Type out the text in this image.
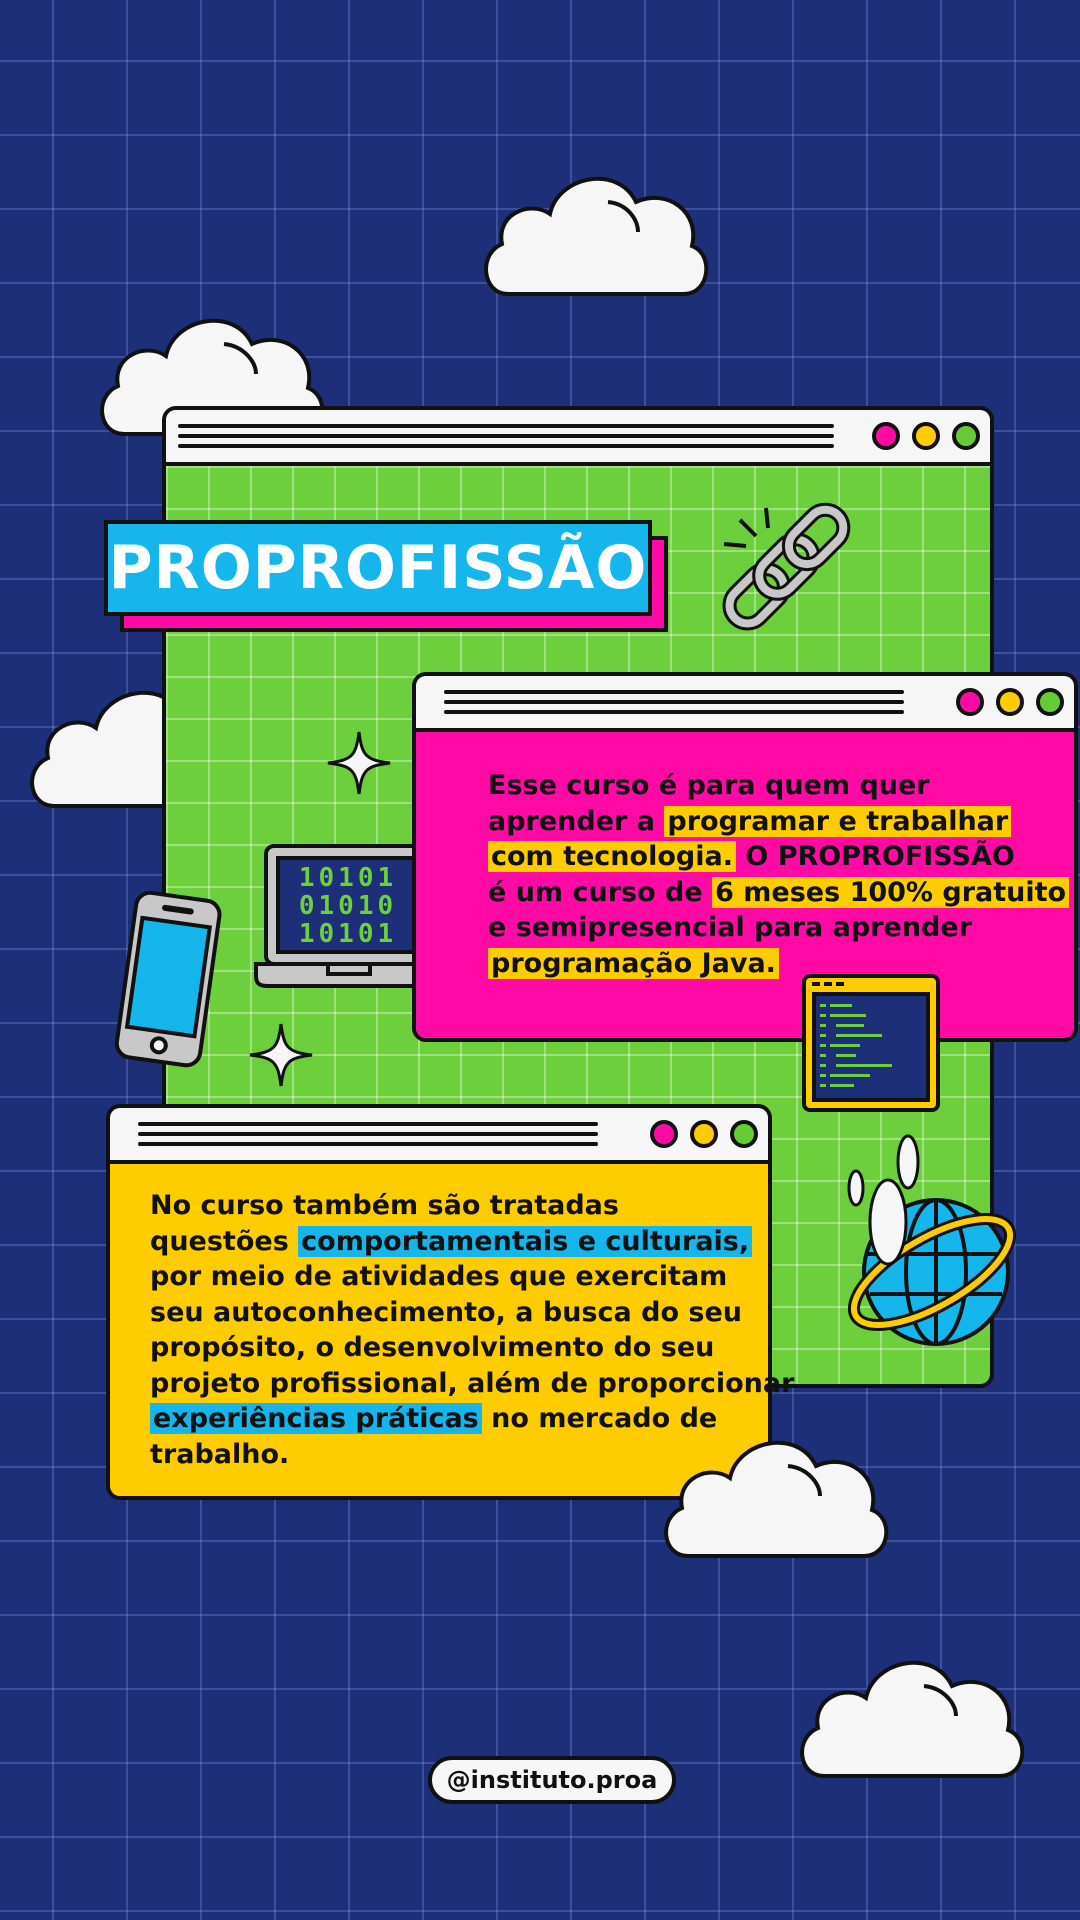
PROPROFISSÃO
10101
01010
10101
Esse curso é para quem quer
aprender a programar e trabalhar
com tecnologia. O PROPROFISSÃO
é um curso de 6 meses 100% gratuito
e semipresencial para aprender
programação Java.
No curso também são tratadas
questões comportamentais e culturais,
por meio de atividades que exercitam
seu autoconhecimento, a busca do seu
propósito, o desenvolvimento do seu
projeto profissional, além de proporcionar
experiências práticas no mercado de
trabalho.
@instituto.proa
